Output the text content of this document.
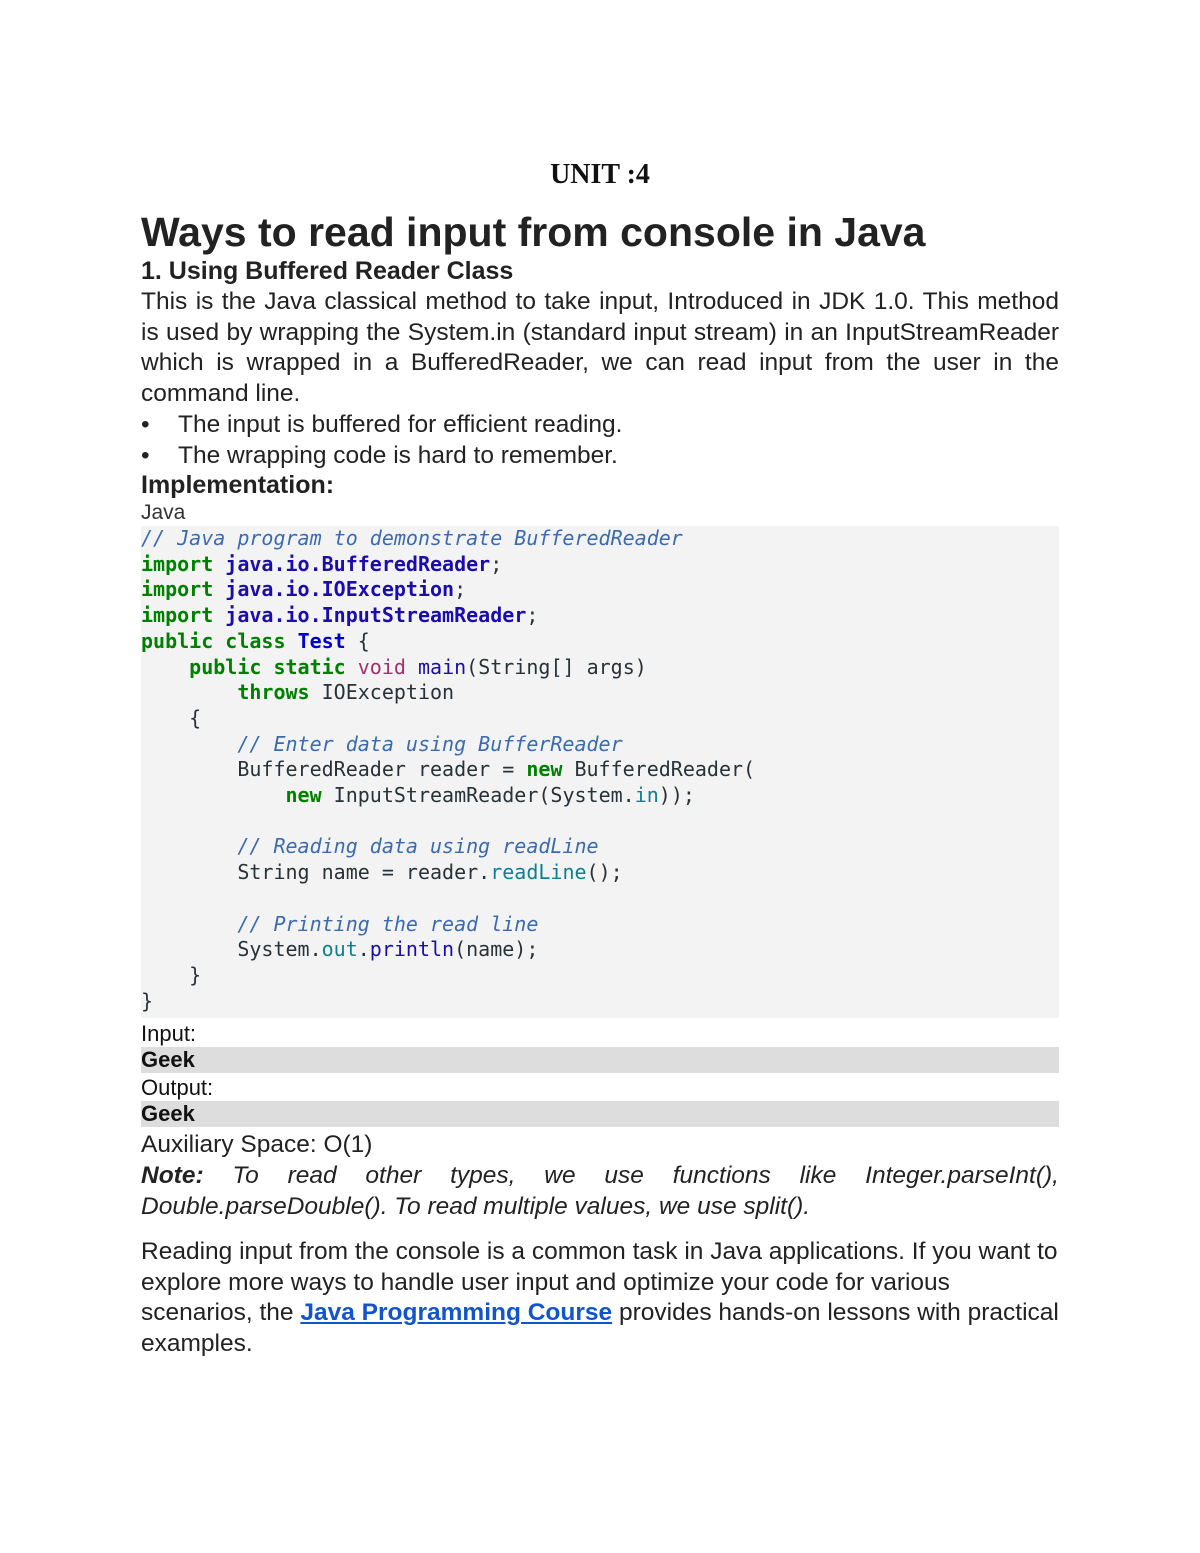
UNIT :4
Ways to read input from console in Java
1. Using Buffered Reader Class
This is the Java classical method to take input, Introduced in JDK 1.0. This method is used by wrapping the System.in (standard input stream) in an InputStreamReader which is wrapped in a BufferedReader, we can read input from the user in the command line.
• The input is buffered for efficient reading.
• The wrapping code is hard to remember.
Implementation:
Java
// Java program to demonstrate BufferedReader
import java.io.BufferedReader;
import java.io.IOException;
import java.io.InputStreamReader;
public class Test {
public static void main(String[] args)
throws IOException
{
// Enter data using BufferReader
BufferedReader reader = new BufferedReader(
new InputStreamReader(System.in));
// Reading data using readLine
String name = reader.readLine();
// Printing the read line
System.out.println(name);
}
}
Input:
Geek
Output:
Geek
Auxiliary Space: O(1)
Note: To read other types, we use functions like Integer.parseInt(), Double.parseDouble(). To read multiple values, we use split().
Reading input from the console is a common task in Java applications. If you want to explore more ways to handle user input and optimize your code for various scenarios, the Java Programming Course provides hands-on lessons with practical examples.
